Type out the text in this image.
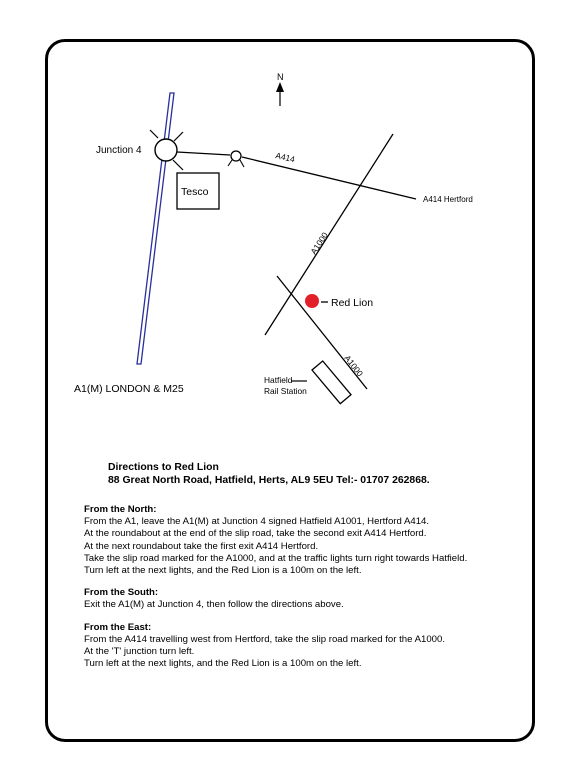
N
Tesco
Red Lion
Hatfield
Rail Station
Junction 4	A414
A414 Hertford
A1000
A1000
A1(M) LONDON & M25
Directions to Red Lion
88 Great North Road, Hatfield, Herts, AL9 5EU Tel:- 01707 262868.
From the North:
From the A1, leave the A1(M) at Junction 4 signed Hatfield A1001, Hertford A414.
At the roundabout at the end of the slip road, take the second exit A414 Hertford.
At the next roundabout take the first exit A414 Hertford.
Take the slip road marked for the A1000, and at the traffic lights turn right towards Hatfield.
Turn left at the next lights, and the Red Lion is a 100m on the left.
From the South:
Exit the A1(M) at Junction 4, then follow the directions above.
From the East:
From the A414 travelling west from Hertford, take the slip road marked for the A1000.
At the 'T' junction turn left.
Turn left at the next lights, and the Red Lion is a 100m on the left.
